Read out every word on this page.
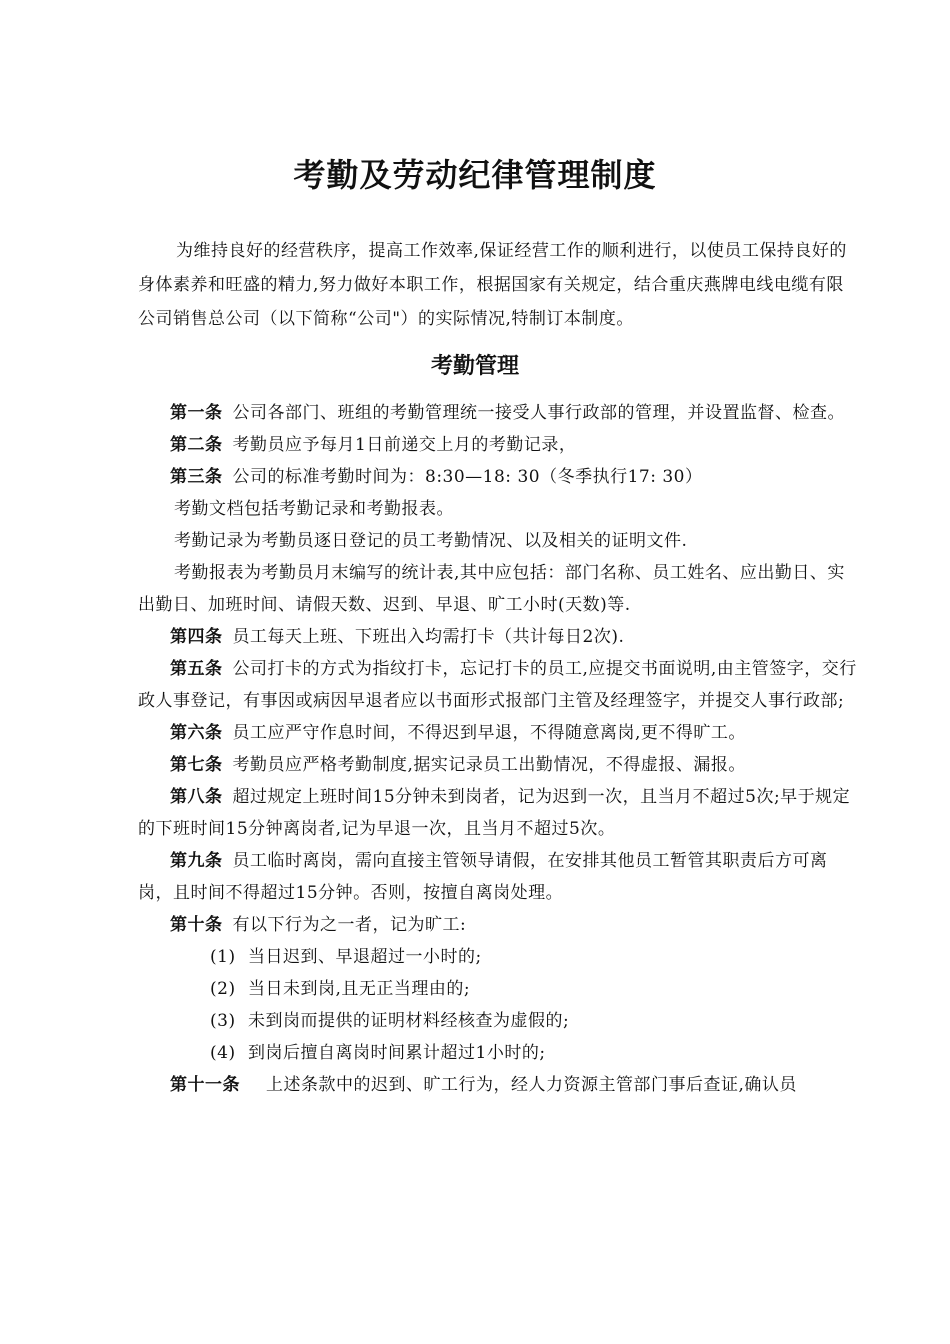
考勤及劳动纪律管理制度

为维持良好的经营秩序，提高工作效率,保证经营工作的顺利进行，以使员工保持良好的身体素养和旺盛的精力,努力做好本职工作，根据国家有关规定，结合重庆燕牌电线电缆有限公司销售总公司（以下简称“公司"）的实际情况,特制订本制度。

考勤管理

第一条 公司各部门、班组的考勤管理统一接受人事行政部的管理，并设置监督、检查。

第二条 考勤员应予每月1日前递交上月的考勤记录，

第三条 公司的标准考勤时间为：8:30—18: 30（冬季执行17: 30）

考勤文档包括考勤记录和考勤报表。

考勤记录为考勤员逐日登记的员工考勤情况、以及相关的证明文件.

考勤报表为考勤员月末编写的统计表,其中应包括：部门名称、员工姓名、应出勤日、实出勤日、加班时间、请假天数、迟到、早退、旷工小时(天数)等.

第四条 员工每天上班、下班出入均需打卡（共计每日2次).

第五条 公司打卡的方式为指纹打卡，忘记打卡的员工,应提交书面说明,由主管签字，交行政人事登记，有事因或病因早退者应以书面形式报部门主管及经理签字，并提交人事行政部;

第六条 员工应严守作息时间，不得迟到早退，不得随意离岗,更不得旷工。

第七条 考勤员应严格考勤制度,据实记录员工出勤情况，不得虚报、漏报。

第八条 超过规定上班时间15分钟未到岗者，记为迟到一次，且当月不超过5次;早于规定的下班时间15分钟离岗者,记为早退一次，且当月不超过5次。

第九条 员工临时离岗，需向直接主管领导请假，在安排其他员工暂管其职责后方可离岗，且时间不得超过15分钟。否则，按擅自离岗处理。

第十条 有以下行为之一者，记为旷工:

(1) 当日迟到、早退超过一小时的;

(2) 当日未到岗,且无正当理由的;

(3) 未到岗而提供的证明材料经核查为虚假的;

(4) 到岗后擅自离岗时间累计超过1小时的;

第十一条 上述条款中的迟到、旷工行为，经人力资源主管部门事后查证,确认员
